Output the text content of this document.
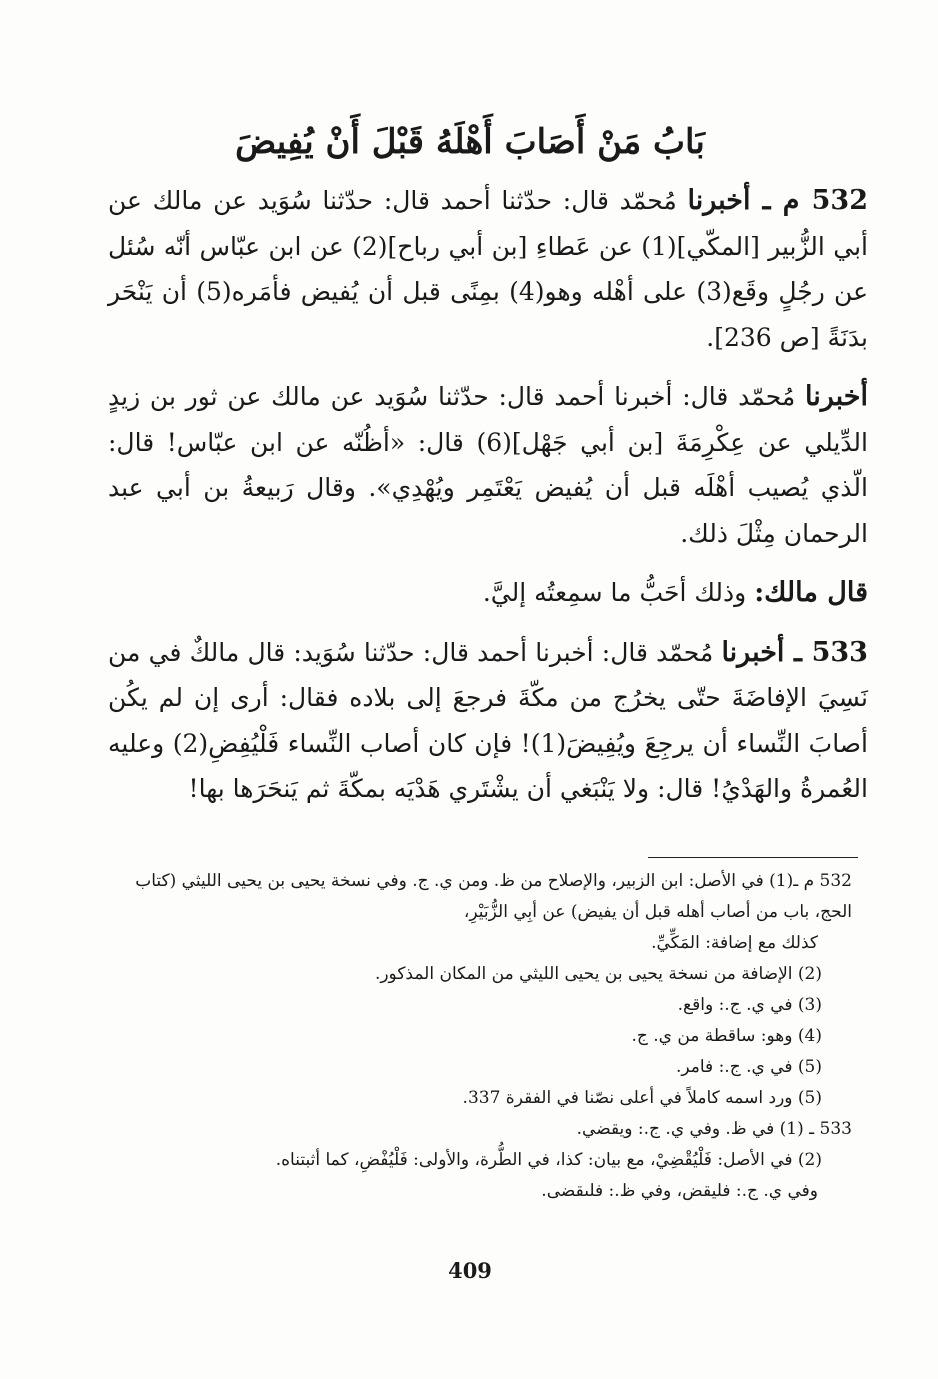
بَابُ مَنْ أَصَابَ أَهْلَهُ قَبْلَ أَنْ يُفِيضَ

532 م ـ أخبرنا مُحمّد قال: حدّثنا أحمد قال: حدّثنا سُوَيد عن مالك عن أبي الزُّبير [المكّي](1) عن عَطاءِ [بن أبي رباح](2) عن ابن عبّاس أنّه سُئل عن رجُلٍ وقَع(3) على أهْله وهو(4) بمِنًى قبل أن يُفيض فأمَره(5) أن يَنْحَر بدَنَةً [ص 236].

أخبرنا مُحمّد قال: أخبرنا أحمد قال: حدّثنا سُوَيد عن مالك عن ثور بن زيدٍ الدِّيلي عن عِكْرِمَةَ [بن أبي جَهْل](6) قال: «أظُنّه عن ابن عبّاس! قال: الّذي يُصيب أهْلَه قبل أن يُفيض يَعْتَمِر ويُهْدِي». وقال رَبيعةُ بن أبي عبد الرحمان مِثْلَ ذلك.

قال مالك: وذلك أحَبُّ ما سمِعتُه إليَّ.

533 ـ أخبرنا مُحمّد قال: أخبرنا أحمد قال: حدّثنا سُوَيد: قال مالكٌ في من نَسِيَ الإفاضَةَ حتّى يخرُج من مكّةَ فرجعَ إلى بلاده فقال: أرى إن لم يكُن أصابَ النِّساء أن يرجِعَ ويُفِيضَ(1)! فإن كان أصاب النِّساء فَلْيُفِضِ(2) وعليه العُمرةُ والهَدْيُ! قال: ولا يَنْبَغي أن يشْتَري هَدْيَه بمكّةَ ثم يَنحَرَها بها!

532 م ـ(1) في الأصل: ابن الزبير، والإصلاح من ظ. ومن ي. ج. وفي نسخة يحيى بن يحيى الليثي (كتاب الحج، باب من أصاب أهله قبل أن يفيض) عن أبِي الزُّبَيْرِ،

كذلك مع إضافة: المَكِّيِّ.

(2) الإضافة من نسخة يحيى بن يحيى الليثي من المكان المذكور.

(3) في ي. ج.: واقع.

(4) وهو: ساقطة من ي. ج.

(5) في ي. ج.: فامر.

(5) ورد اسمه كاملاً في أعلى نصّنا في الفقرة 337.

533 ـ (1) في ظ. وفي ي. ج.: ويقضي.

(2) في الأصل: فَلْيُقْضِيْ، مع بيان: كذا، في الطُّرة، والأولى: فَلْيُفْضِ، كما أثبتناه.

وفي ي. ج.: فليقض، وفي ظ.: فلىقضى.

409
